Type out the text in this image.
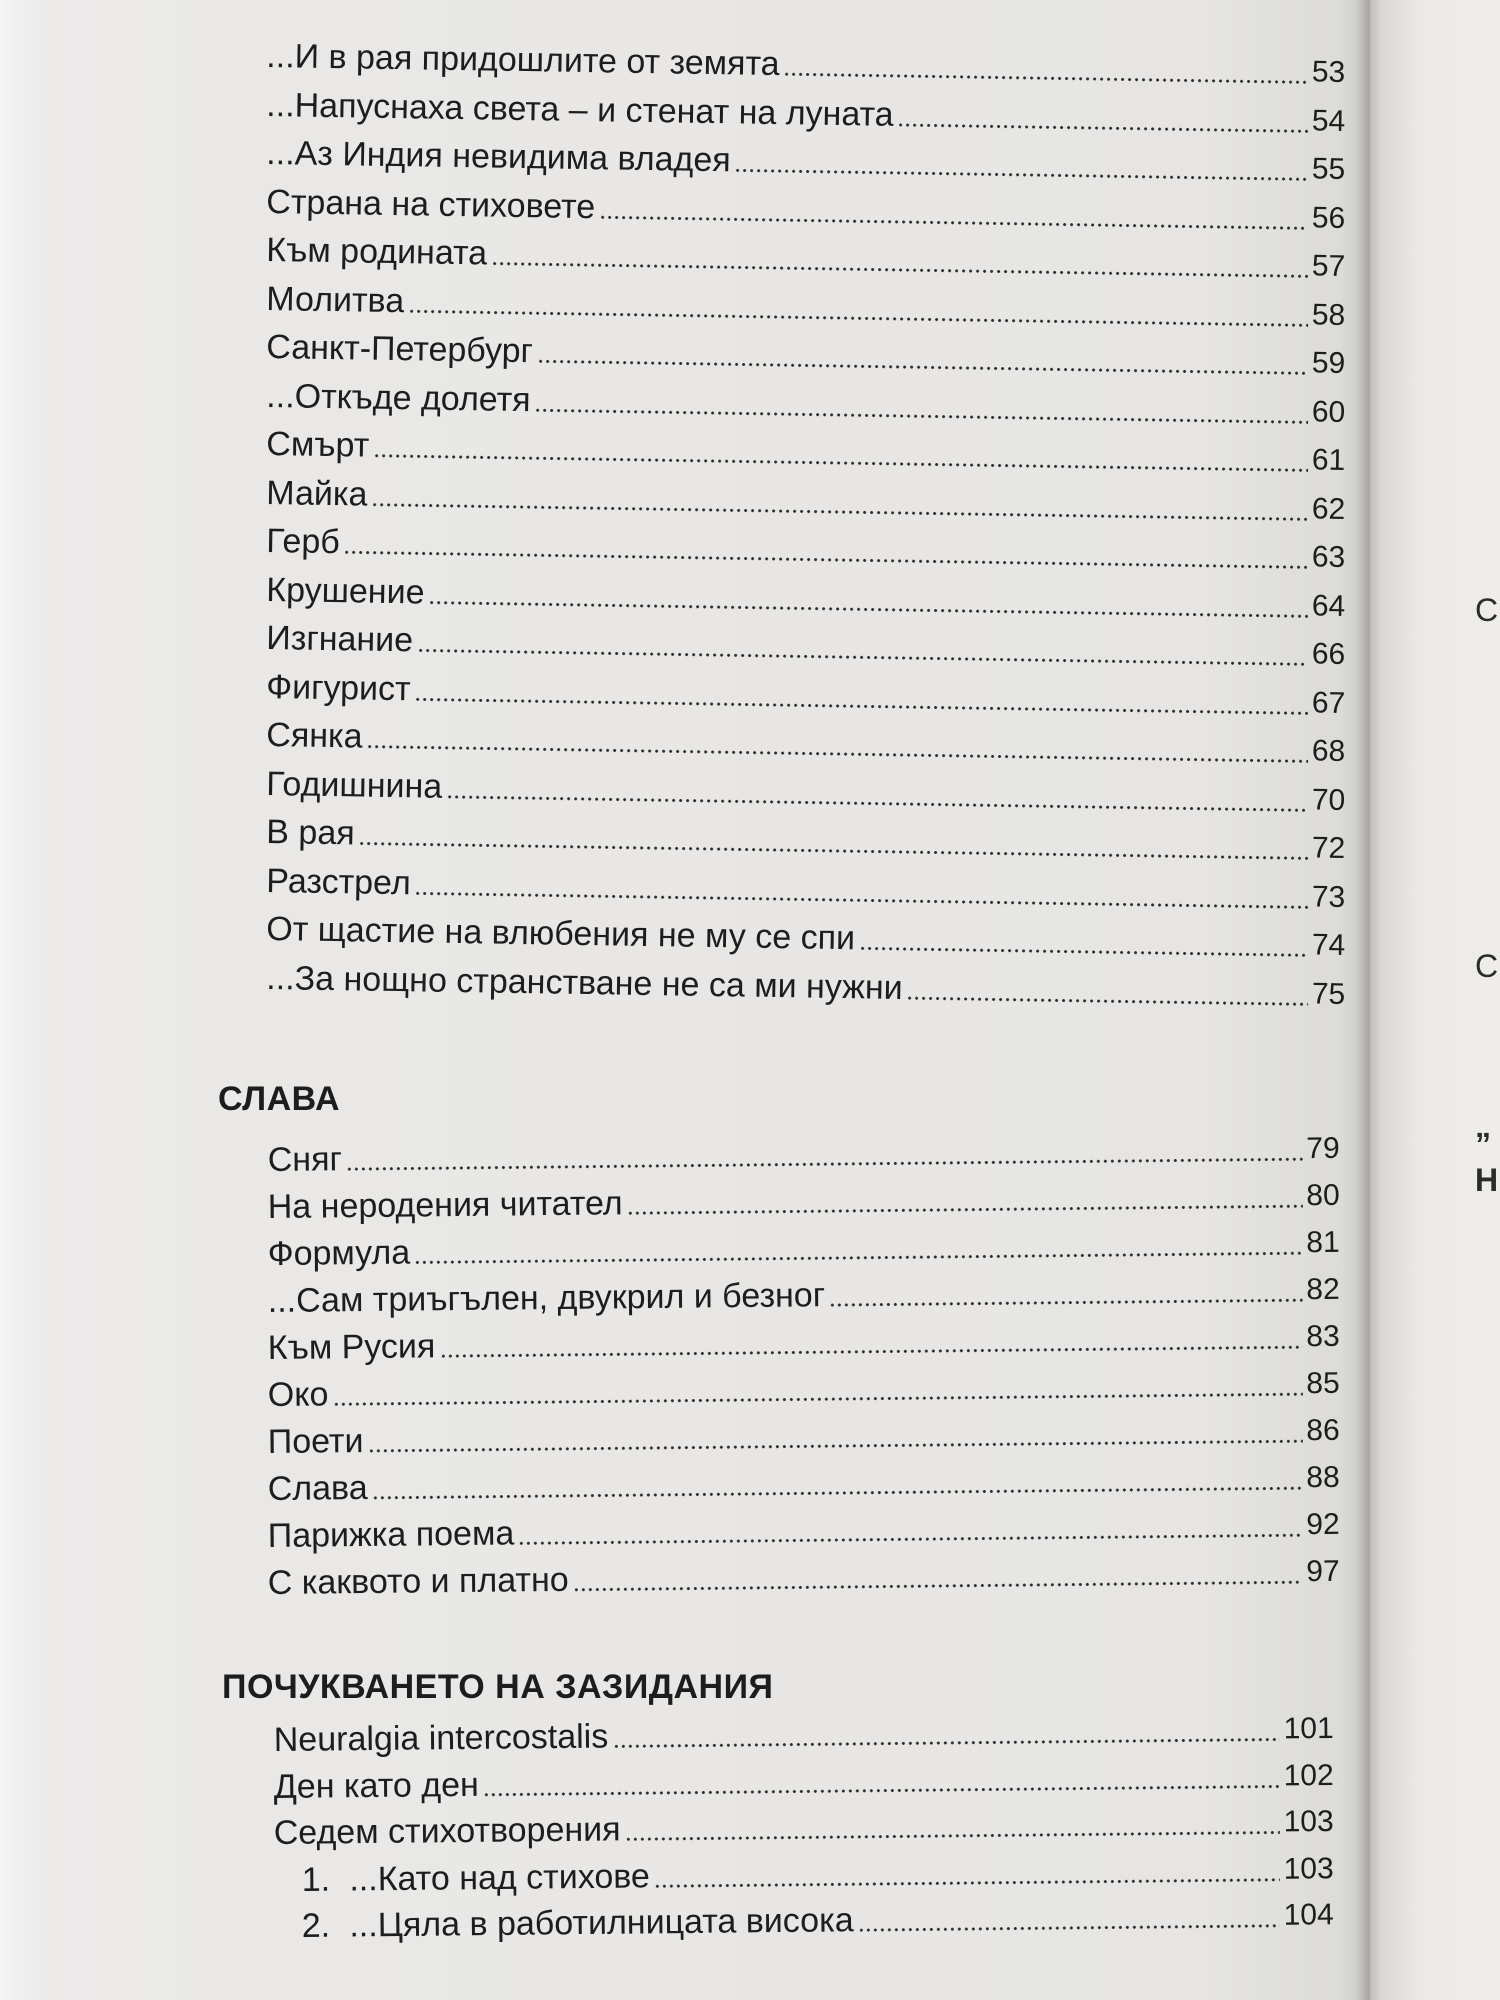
...И в рая придошлите от земята	53
...Напуснаха света – и стенат на луната	54
...Аз Индия невидима владея	55
Страна на стиховете	56
Към родината	57
Молитва	58
Санкт-Петербург	59
...Откъде долетя	60
Смърт	61
Майка	62
Герб	63
Крушение	64
Изгнание	66
Фигурист	67
Сянка	68
Годишнина	70
В рая	72
Разстрел	73
От щастие на влюбения не му се спи	74
...За нощно странстване не са ми нужни	75
СЛАВА
Сняг	79
На неродения читател	80
Формула	81
...Сам триъгълен, двукрил и безног	82
Към Русия	83
Око	85
Поети	86
Слава	88
Парижка поема	92
С каквото и платно	97
ПОЧУКВАНЕТО НА ЗАЗИДАНИЯ
Neuralgia intercostalis	101
Ден като ден	102
Седем стихотворения	103
1. ...Като над стихове	103
2. ...Цяла в работилницата висока	104
С
С
„
Н
